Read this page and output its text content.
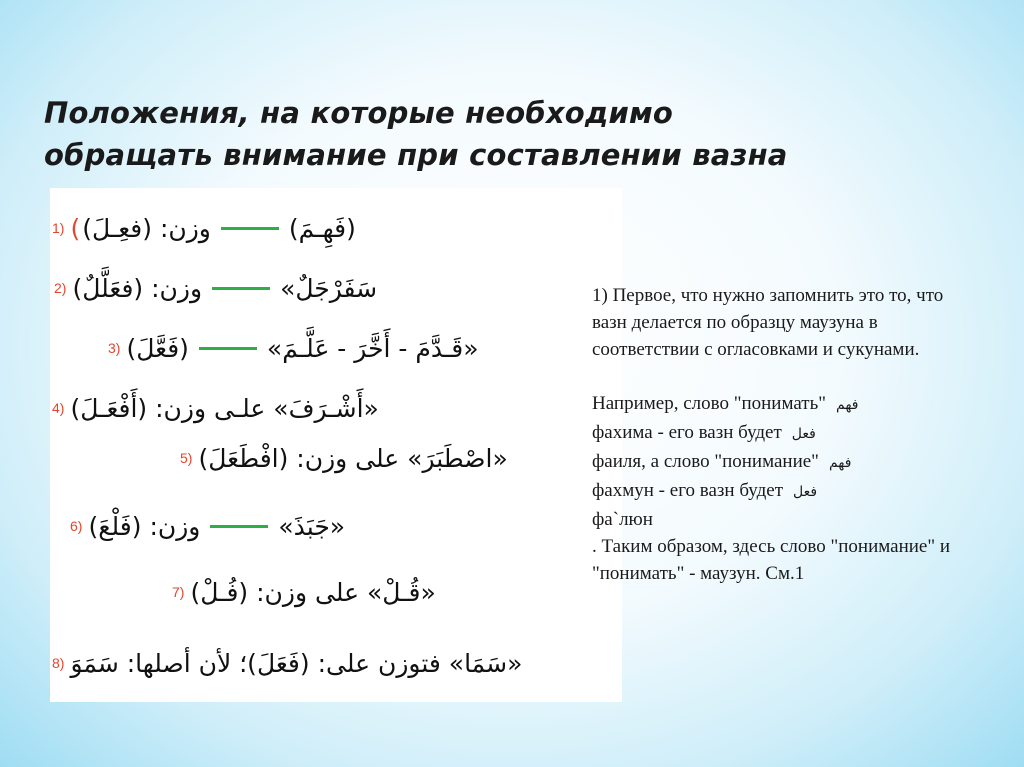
Положения, на которые необходимо
обращать внимание при составлении вазна
1) ( وزن: (فعِـلَ)	(فَهِـمَ)
2) وزن: (فعَلَّلٌ)	سَفَرْجَلٌ»
3) (فَعَّلَ)	«قَـدَّمَ - أَخَّرَ - عَلَّـمَ»
4) «أَشْـرَفَ» علـى وزن: (أَفْعَـلَ)
5) «اصْطَبَرَ» على وزن: (افْطَعَلَ)
6) وزن: (فَلْعَ)	«جَبَذَ»
7) «قُـلْ» على وزن: (فُـلْ)
8) «سَمَا» فتوزن على: (فَعَلَ)؛ لأن أصلها: سَمَوَ

1) Первое, что нужно запомнить это то, что вазн делается по образцу маузуна в соответствии с огласовками и сукунами.

Например, слово "понимать" فهم

фахима - его вазн будет فعل

фаиля, а слово "понимание" فهم

фахмун - его вазн будет فعل

фа`люн

. Таким образом, здесь слово "понимание" и "понимать" - маузун. См.1
